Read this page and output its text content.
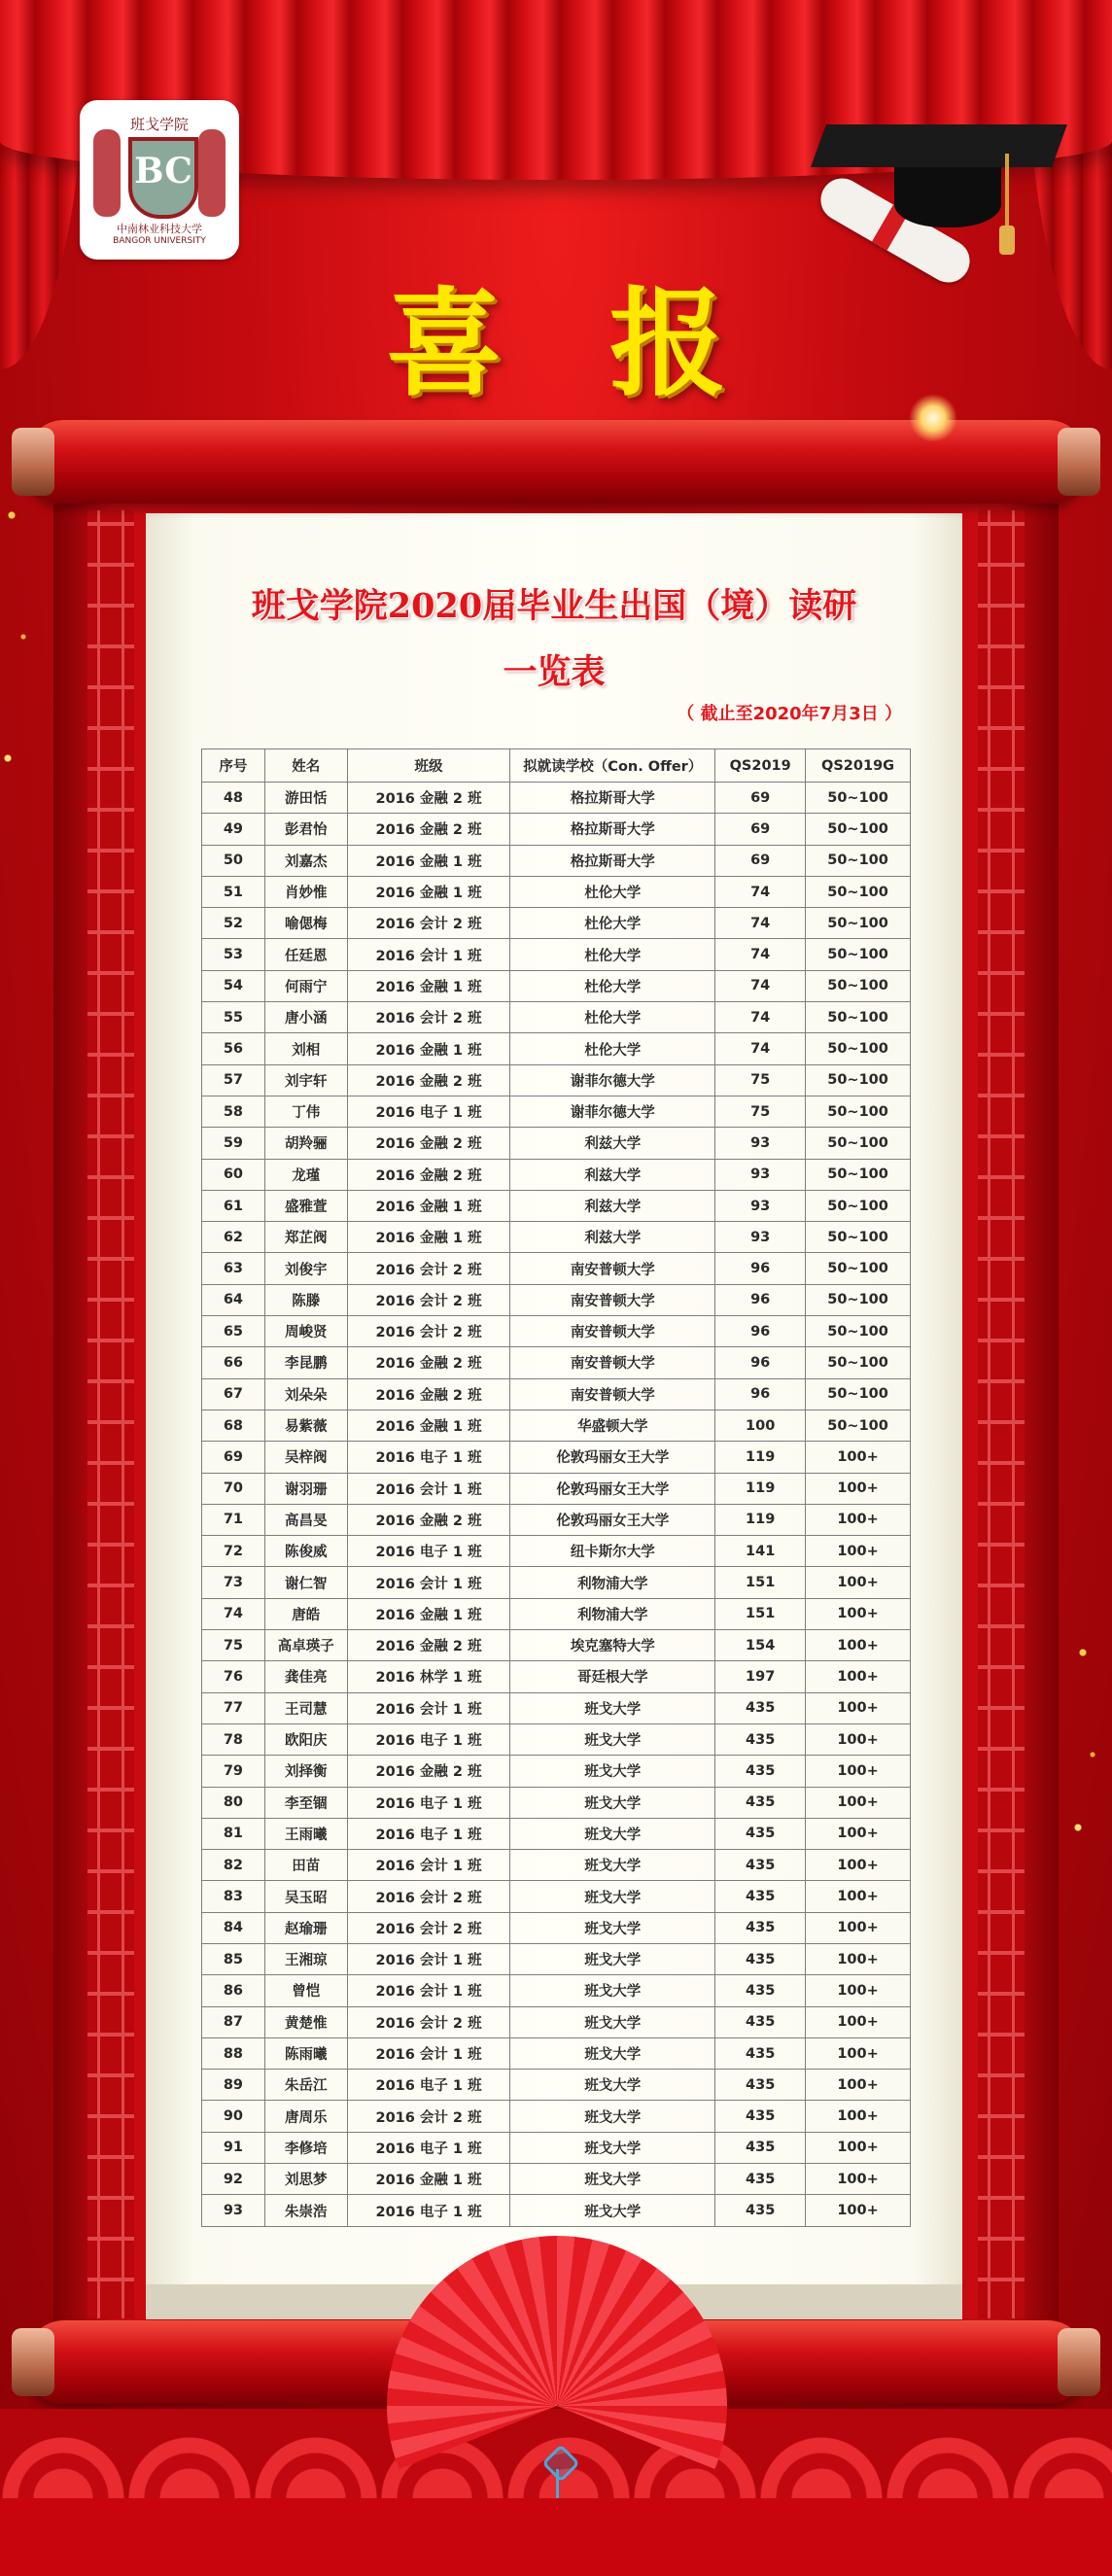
班戈学院
BC
中南林业科技大学
BANGOR UNIVERSITY
喜报
班戈学院2020届毕业生出国（境）读研
一览表
（ 截止至2020年7月3日 ）
序号	姓名	班级	拟就读学校（Con. Offer）	QS2019	QS2019G
48	游田恬	2016 金融 2 班	格拉斯哥大学	69	50~100
49	彭君怡	2016 金融 2 班	格拉斯哥大学	69	50~100
50	刘嘉杰	2016 金融 1 班	格拉斯哥大学	69	50~100
51	肖妙惟	2016 金融 1 班	杜伦大学	74	50~100
52	喻偲梅	2016 会计 2 班	杜伦大学	74	50~100
53	任廷恩	2016 会计 1 班	杜伦大学	74	50~100
54	何雨宁	2016 金融 1 班	杜伦大学	74	50~100
55	唐小涵	2016 会计 2 班	杜伦大学	74	50~100
56	刘相	2016 金融 1 班	杜伦大学	74	50~100
57	刘宇轩	2016 金融 2 班	谢菲尔德大学	75	50~100
58	丁伟	2016 电子 1 班	谢菲尔德大学	75	50~100
59	胡羚骊	2016 金融 2 班	利兹大学	93	50~100
60	龙瑾	2016 金融 2 班	利兹大学	93	50~100
61	盛雅萱	2016 金融 1 班	利兹大学	93	50~100
62	郑芷阀	2016 金融 1 班	利兹大学	93	50~100
63	刘俊宇	2016 会计 2 班	南安普顿大学	96	50~100
64	陈滕	2016 会计 2 班	南安普顿大学	96	50~100
65	周峻贤	2016 会计 2 班	南安普顿大学	96	50~100
66	李昆鹏	2016 金融 2 班	南安普顿大学	96	50~100
67	刘朵朵	2016 金融 2 班	南安普顿大学	96	50~100
68	易紫薇	2016 金融 1 班	华盛顿大学	100	50~100
69	吴梓阀	2016 电子 1 班	伦敦玛丽女王大学	119	100+
70	谢羽珊	2016 会计 1 班	伦敦玛丽女王大学	119	100+
71	高昌旻	2016 金融 2 班	伦敦玛丽女王大学	119	100+
72	陈俊威	2016 电子 1 班	纽卡斯尔大学	141	100+
73	谢仁智	2016 会计 1 班	利物浦大学	151	100+
74	唐皓	2016 金融 1 班	利物浦大学	151	100+
75	高卓瑛子	2016 金融 2 班	埃克塞特大学	154	100+
76	龚佳亮	2016 林学 1 班	哥廷根大学	197	100+
77	王司慧	2016 会计 1 班	班戈大学	435	100+
78	欧阳庆	2016 电子 1 班	班戈大学	435	100+
79	刘择衡	2016 金融 2 班	班戈大学	435	100+
80	李至锢	2016 电子 1 班	班戈大学	435	100+
81	王雨曦	2016 电子 1 班	班戈大学	435	100+
82	田苗	2016 会计 1 班	班戈大学	435	100+
83	吴玉昭	2016 会计 2 班	班戈大学	435	100+
84	赵瑜珊	2016 会计 2 班	班戈大学	435	100+
85	王湘琼	2016 会计 1 班	班戈大学	435	100+
86	曾恺	2016 会计 1 班	班戈大学	435	100+
87	黄楚惟	2016 会计 2 班	班戈大学	435	100+
88	陈雨曦	2016 会计 1 班	班戈大学	435	100+
89	朱岳江	2016 电子 1 班	班戈大学	435	100+
90	唐周乐	2016 会计 2 班	班戈大学	435	100+
91	李修培	2016 电子 1 班	班戈大学	435	100+
92	刘思梦	2016 金融 1 班	班戈大学	435	100+
93	朱崇浩	2016 电子 1 班	班戈大学	435	100+
